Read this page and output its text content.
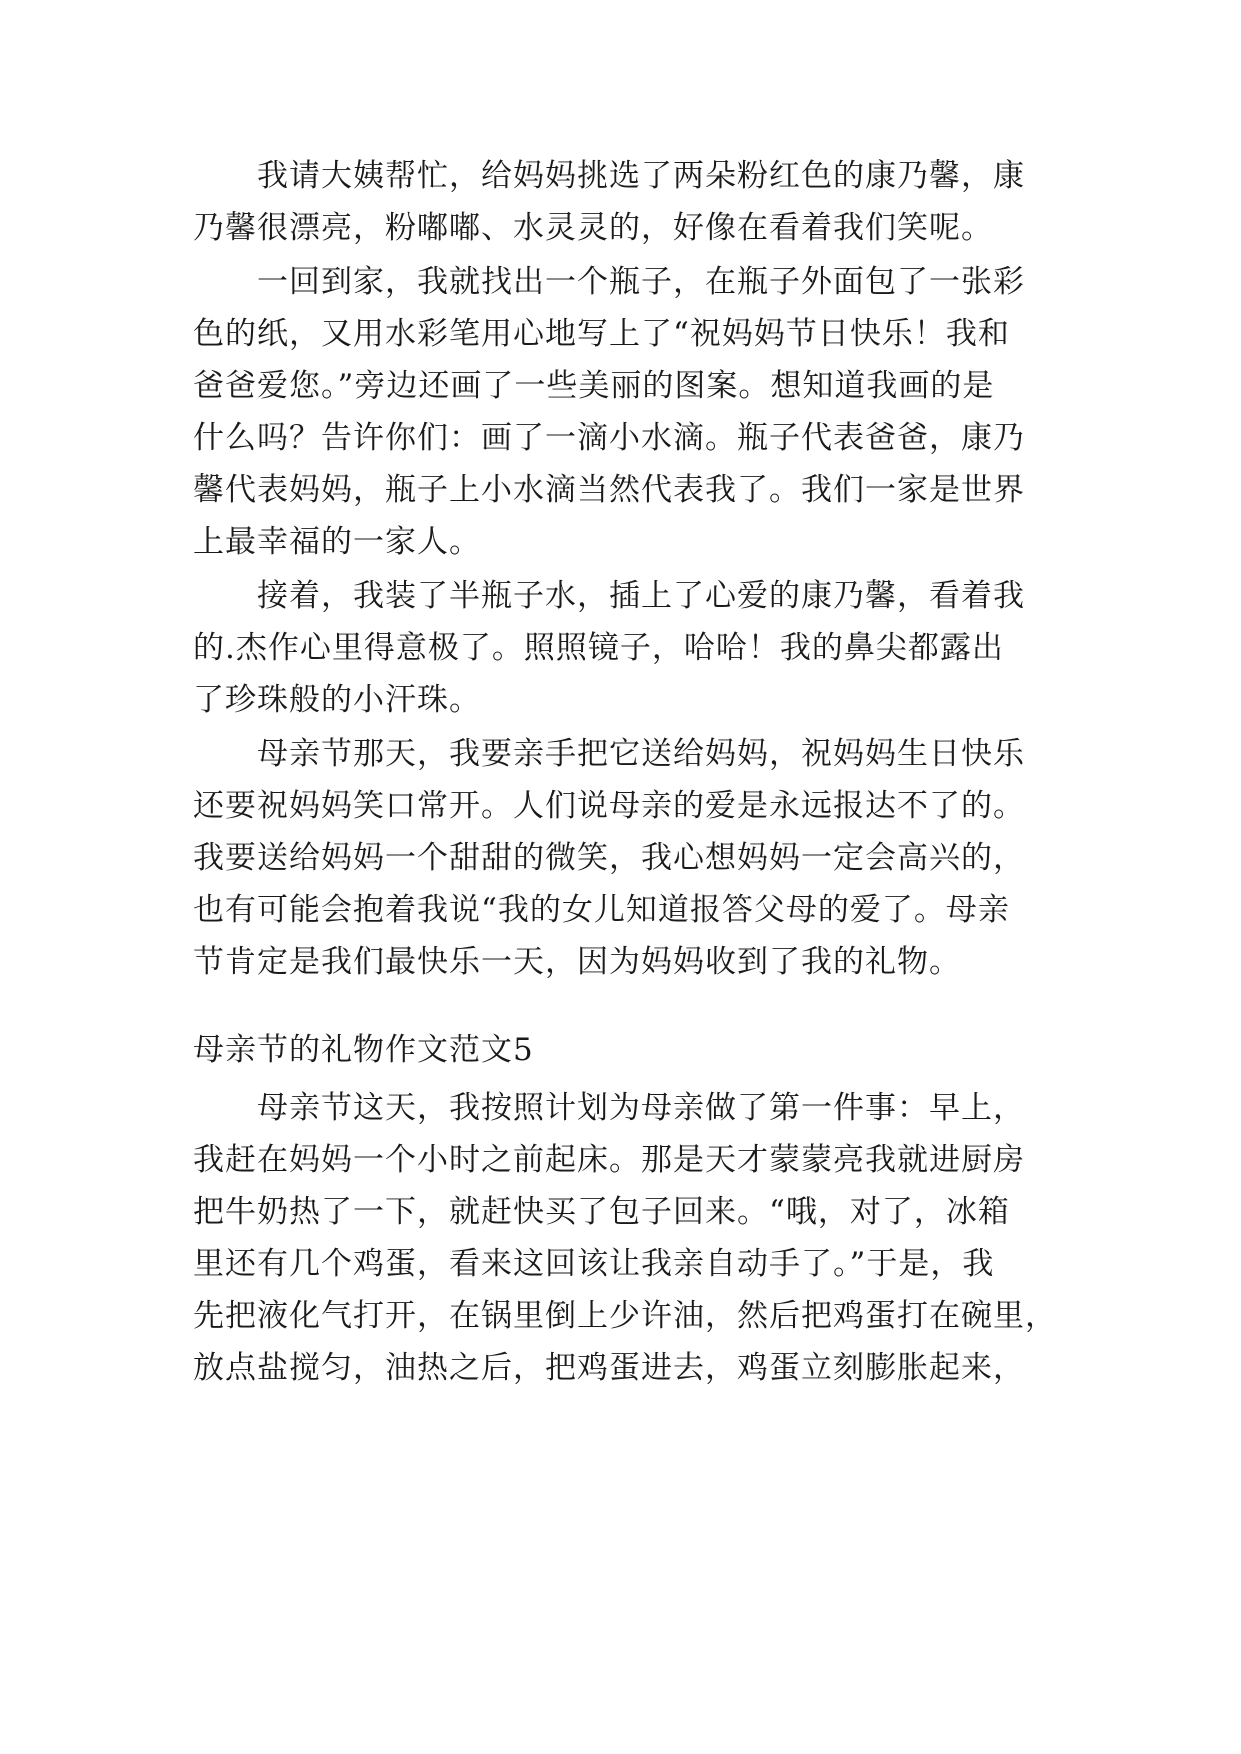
我请大姨帮忙，给妈妈挑选了两朵粉红色的康乃馨，康
乃馨很漂亮，粉嘟嘟、水灵灵的，好像在看着我们笑呢。
一回到家，我就找出一个瓶子，在瓶子外面包了一张彩
色的纸，又用水彩笔用心地写上了“祝妈妈节日快乐！我和
爸爸爱您。”旁边还画了一些美丽的图案。想知道我画的是
什么吗？告许你们：画了一滴小水滴。瓶子代表爸爸，康乃
馨代表妈妈，瓶子上小水滴当然代表我了。我们一家是世界
上最幸福的一家人。
接着，我装了半瓶子水，插上了心爱的康乃馨，看着我
的.杰作心里得意极了。照照镜子，哈哈！我的鼻尖都露出
了珍珠般的小汗珠。
母亲节那天，我要亲手把它送给妈妈，祝妈妈生日快乐
还要祝妈妈笑口常开。人们说母亲的爱是永远报达不了的。
我要送给妈妈一个甜甜的微笑，我心想妈妈一定会高兴的，
也有可能会抱着我说“我的女儿知道报答父母的爱了。母亲
节肯定是我们最快乐一天，因为妈妈收到了我的礼物。
母亲节的礼物作文范文5
母亲节这天，我按照计划为母亲做了第一件事：早上，
我赶在妈妈一个小时之前起床。那是天才蒙蒙亮我就进厨房
把牛奶热了一下，就赶快买了包子回来。“哦，对了，冰箱
里还有几个鸡蛋，看来这回该让我亲自动手了。”于是，我
先把液化气打开，在锅里倒上少许油，然后把鸡蛋打在碗里，
放点盐搅匀，油热之后，把鸡蛋进去，鸡蛋立刻膨胀起来，
